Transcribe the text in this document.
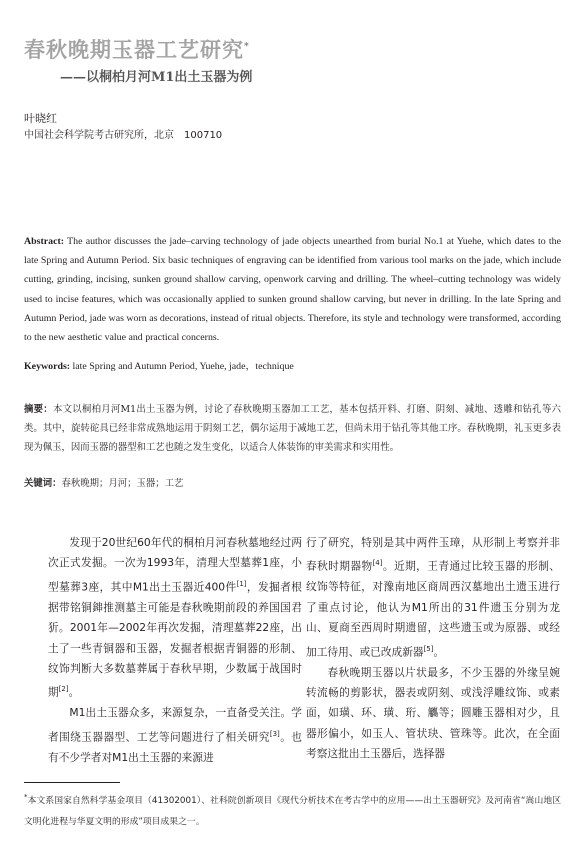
春秋晚期玉器工艺研究*
——以桐柏月河M1出土玉器为例
叶晓红
中国社会科学院考古研究所，北京　100710
Abstract: The author discusses the jade–carving technology of jade objects unearthed from burial No.1 at Yuehe, which dates to the late Spring and Autumn Period. Six basic techniques of engraving can be identified from various tool marks on the jade, which include cutting, grinding, incising, sunken ground shallow carving, openwork carving and drilling. The wheel–cutting technology was widely used to incise features, which was occasionally applied to sunken ground shallow carving, but never in drilling. In the late Spring and Autumn Period, jade was worn as decorations, instead of ritual objects. Therefore, its style and technology were transformed, according to the new aesthetic value and practical concerns.
Keywords: late Spring and Autumn Period, Yuehe, jade，technique
摘要：本文以桐柏月河M1出土玉器为例，讨论了春秋晚期玉器加工工艺，基本包括开料、打磨、阴刻、减地、透雕和钻孔等六类。其中，旋转砣具已经非常成熟地运用于阴刻工艺，偶尔运用于减地工艺，但尚未用于钻孔等其他工序。春秋晚期，礼玉更多表现为佩玉，因而玉器的器型和工艺也随之发生变化，以适合人体装饰的审美需求和实用性。
关键词：春秋晚期；月河；玉器；工艺

发现于20世纪60年代的桐柏月河春秋墓地经过两次正式发掘。一次为1993年，清理大型墓葬1座，小型墓葬3座，其中M1出土玉器近400件[1]，发掘者根据带铭铜鋛推测墓主可能是春秋晚期前段的养国国君㹞。2001年—2002年再次发掘，清理墓葬22座，出土了一些青铜器和玉器，发掘者根据青铜器的形制、纹饰判断大多数墓葬属于春秋早期，少数属于战国时期[2]。

M1出土玉器众多，来源复杂，一直备受关注。学者围绕玉器器型、工艺等问题进行了相关研究[3]。也有不少学者对M1出土玉器的来源进

行了研究，特别是其中两件玉璋，从形制上考察并非春秋时期器物[4]。近期，王青通过比较玉器的形制、纹饰等特征，对豫南地区商周西汉墓地出土遗玉进行了重点讨论，他认为M1所出的31件遗玉分别为龙山、夏商至西周时期遗留，这些遗玉或为原器、或经加工待用、或已改成新器[5]。

春秋晚期玉器以片状最多，不少玉器的外缘呈婉转流畅的剪影状，器表或阴刻、或浅浮雕纹饰、或素面，如璜、环、璜、珩、觿等；圆雕玉器相对少，且器形偏小，如玉人、管状玦、管珠等。此次，在全面考察这批出土玉器后，选择器

*本文系国家自然科学基金项目（41302001）、社科院创新项目《现代分析技术在考古学中的应用——出土玉器研究》及河南省“嵩山地区文明化进程与华夏文明的形成”项目成果之一。
